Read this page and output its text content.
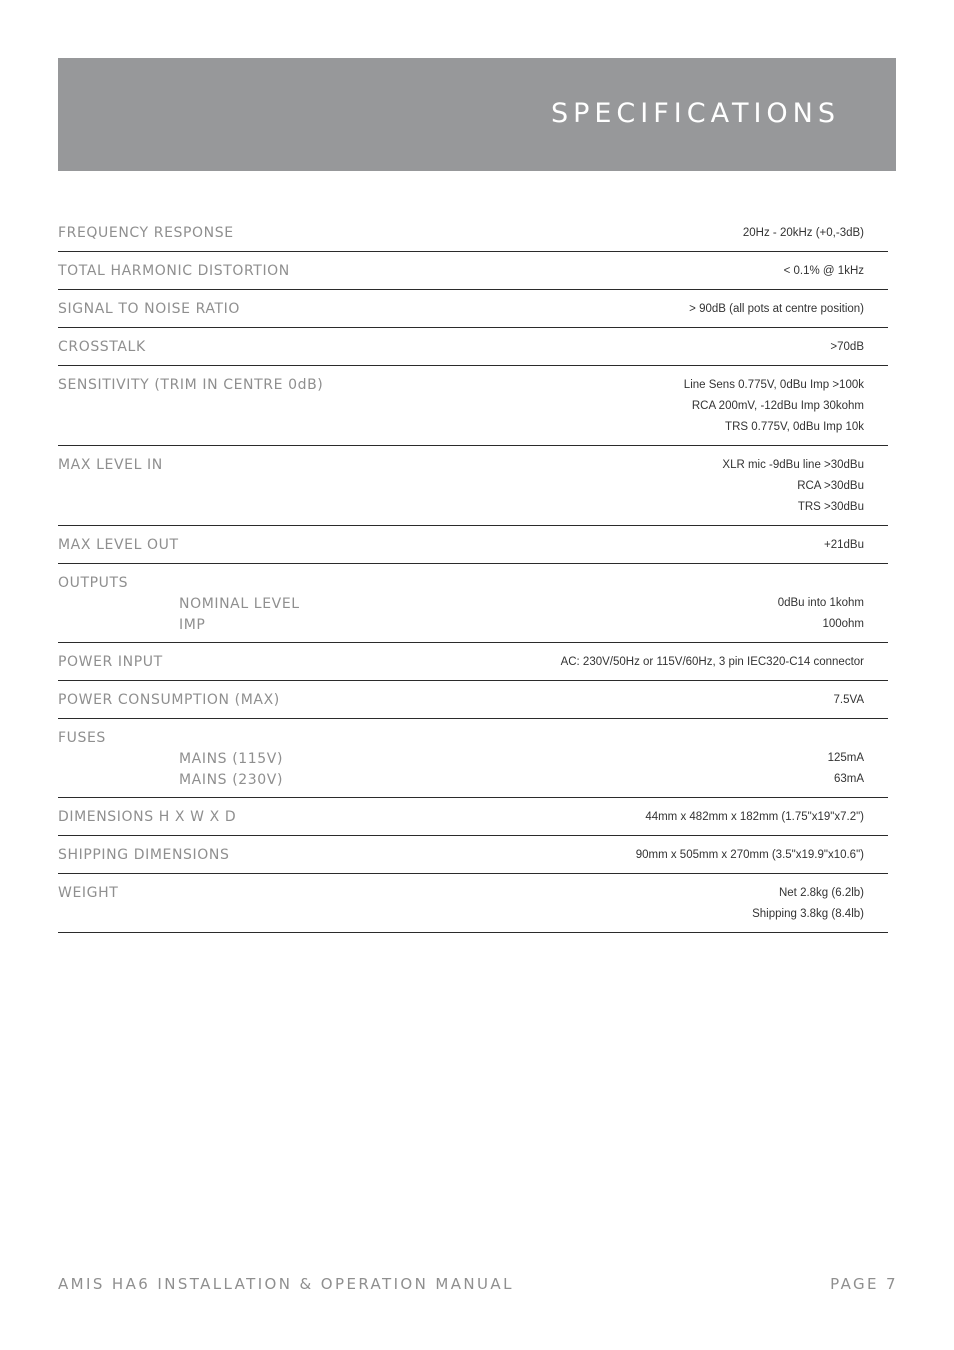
SPECIFICATIONS
FREQUENCY RESPONSE	20Hz - 20kHz (+0,-3dB)
TOTAL HARMONIC DISTORTION	< 0.1% @ 1kHz
SIGNAL TO NOISE RATIO	> 90dB (all pots at centre position)
CROSSTALK	>70dB
SENSITIVITY (TRIM IN CENTRE 0dB)	Line Sens 0.775V, 0dBu Imp >100k
RCA 200mV, -12dBu Imp 30kohm
TRS 0.775V, 0dBu Imp 10k
MAX LEVEL IN	XLR mic -9dBu line >30dBu
RCA >30dBu
TRS >30dBu
MAX LEVEL OUT	+21dBu
OUTPUTS
NOMINAL LEVEL	0dBu into 1kohm
IMP	100ohm
POWER INPUT	AC: 230V/50Hz or 115V/60Hz, 3 pin IEC320-C14 connector
POWER CONSUMPTION (MAX)	7.5VA
FUSES
MAINS (115V)	125mA
MAINS (230V)	63mA
DIMENSIONS H X W X D	44mm x 482mm x 182mm (1.75"x19"x7.2")
SHIPPING DIMENSIONS	90mm x 505mm x 270mm (3.5"x19.9"x10.6")
WEIGHT	Net 2.8kg (6.2lb)
Shipping 3.8kg (8.4lb)
AMIS HA6 INSTALLATION & OPERATION MANUAL	PAGE 7
